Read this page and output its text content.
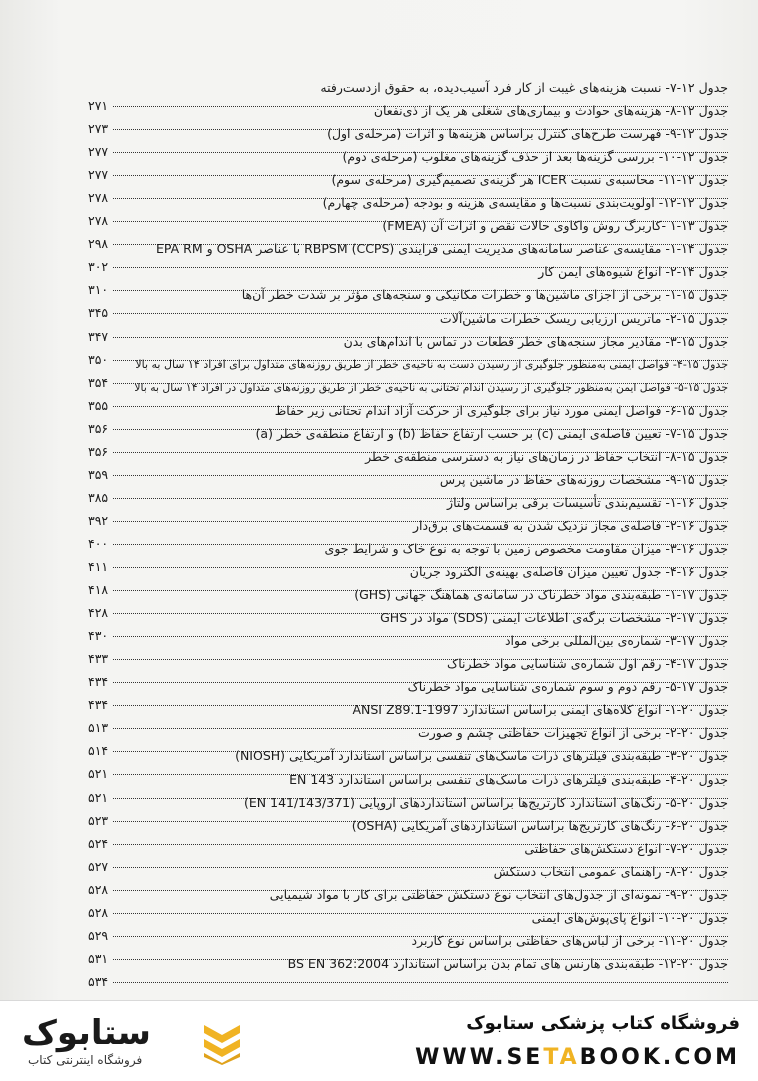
جدول ۱۲-۷- نسبت هزینه‌های غیبت از کار فرد آسیب‌دیده، به حقوق ازدست‌رفته
۲۷۱	جدول ۱۲-۸- هزینه‌های حوادث و بیماری‌های شغلی هر یک از ذی‌نفعان
۲۷۳	جدول ۱۲-۹- فهرست طرح‌های کنترل براساس هزینه‌ها و اثرات (مرحله‌ی اول)
۲۷۷	جدول ۱۲-۱۰- بررسی گزینه‌ها بعد از حذف گزینه‌های مغلوب (مرحله‌ی دوم)
۲۷۷	جدول ۱۲-۱۱- محاسبه‌ی نسبت ICER هر گزینه‌ی تصمیم‌گیری (مرحله‌ی سوم)
۲۷۸	جدول ۱۲-۱۲- اولویت‌بندی نسبت‌ها و مقایسه‌ی هزینه و بودجه (مرحله‌ی چهارم)
۲۷۸	جدول ۱۳-۱ -کاربرگ روش واکاوی حالات نقص و اثرات آن (FMEA)
۲۹۸	جدول ۱۴-۱- مقایسه‌ی عناصر سامانه‌های مدیریت ایمنی فرایندی (RBPSM (CCPS با عناصر OSHA و EPA RM
۳۰۲	جدول ۱۴-۲- انواع شیوه‌های ایمن کار
۳۱۰	جدول ۱۵-۱- برخی از اجزای ماشین‌ها و خطرات مکانیکی و سنجه‌های مؤثر بر شدت خطر آن‌ها
۳۴۵	جدول ۱۵-۲- ماتریس ارزیابی ریسک خطرات ماشین‌آلات
۳۴۷	جدول ۱۵-۳- مقادیر مجاز سنجه‌های خطر قطعات در تماس با اندام‌های بدن
۳۵۰	جدول ۱۵-۴- فواصل ایمنی به‌منظور جلوگیری از رسیدن دست به ناحیه‌ی خطر از طریق روزنه‌های متداول برای افراد ۱۴ سال به بالا
۳۵۴	جدول ۱۵-۵- فواصل ایمن به‌منظور جلوگیری از رسیدن اندام تحتانی به ناحیه‌ی خطر از طریق روزنه‌های متداول در افراد ۱۴ سال به بالا
۳۵۵	جدول ۱۵-۶- فواصل ایمنی مورد نیاز برای جلوگیری از حرکت آزاد اندام تحتانی زیر حفاظ
۳۵۶	جدول ۱۵-۷- تعیین فاصله‌ی ایمنی (c) بر حسب ارتفاع حفاظ (b) و ارتفاع منطقه‌ی خطر (a)
۳۵۶	جدول ۱۵-۸- انتخاب حفاظ در زمان‌های نیاز به دسترسی منطقه‌ی خطر
۳۵۹	جدول ۱۵-۹- مشخصات روزنه‌های حفاظ در ماشین پرس
۳۸۵	جدول ۱۶-۱- تقسیم‌بندی تأسیسات برقی براساس ولتاژ
۳۹۲	جدول ۱۶-۲- فاصله‌ی مجاز نزدیک شدن به قسمت‌های برق‌دار
۴۰۰	جدول ۱۶-۳- میزان مقاومت مخصوص زمین با توجه به نوع خاک و شرایط جوی
۴۱۱	جدول ۱۶-۴- جدول تعیین میزان فاصله‌ی بهینه‌ی الکترود جریان
۴۱۸	جدول ۱۷-۱- طبقه‌بندی مواد خطرناک در سامانه‌ی هماهنگ جهانی (GHS)
۴۲۸	جدول ۱۷-۲- مشخصات برگه‌ی اطلاعات ایمنی (SDS) مواد در GHS
۴۳۰	جدول ۱۷-۳- شماره‌ی بین‌المللی برخی مواد
۴۳۳	جدول ۱۷-۴- رقم اول شماره‌ی شناسایی مواد خطرناک
۴۳۴	جدول ۱۷-۵- رقم دوم و سوم شماره‌ی شناسایی مواد خطرناک
۴۳۴	جدول ۲۰-۱- انواع کلاه‌های ایمنی براساس استاندارد ANSI Z89.1-1997
۵۱۳	جدول ۲۰-۲- برخی از انواع تجهیزات حفاظتی چشم و صورت
۵۱۴	جدول ۲۰-۳- طبقه‌بندی فیلترهای ذرات ماسک‌های تنفسی براساس استاندارد آمریکایی (NIOSH)
۵۲۱	جدول ۲۰-۴- طبقه‌بندی فیلترهای ذرات ماسک‌های تنفسی براساس استاندارد EN 143
۵۲۱	جدول ۲۰-۵- رنگ‌های استاندارد کارتریج‌ها براساس استانداردهای اروپایی (EN 141/143/371)
۵۲۳	جدول ۲۰-۶- رنگ‌های کارتریج‌ها براساس استانداردهای آمریکایی (OSHA)
۵۲۴	جدول ۲۰-۷- انواع دستکش‌های حفاظتی
۵۲۷	جدول ۲۰-۸- راهنمای عمومی انتخاب دستکش
۵۲۸	جدول ۲۰-۹- نمونه‌ای از جدول‌های انتخاب نوع دستکش حفاظتی برای کار با مواد شیمیایی
۵۲۸	جدول ۲۰-۱۰- انواع پای‌پوش‌های ایمنی
۵۲۹	جدول ۲۰-۱۱- برخی از لباس‌های حفاظتی براساس نوع کاربرد
۵۳۱	جدول ۲۰-۱۲- طبقه‌بندی هارنس های تمام بدن براساس استاندارد BS EN 362:2004
۵۳۴
ستابوک
فروشگاه اینترنتی کتاب
فروشگاه کتاب پزشکی ستابوک
WWW.SETABOOK.COM
